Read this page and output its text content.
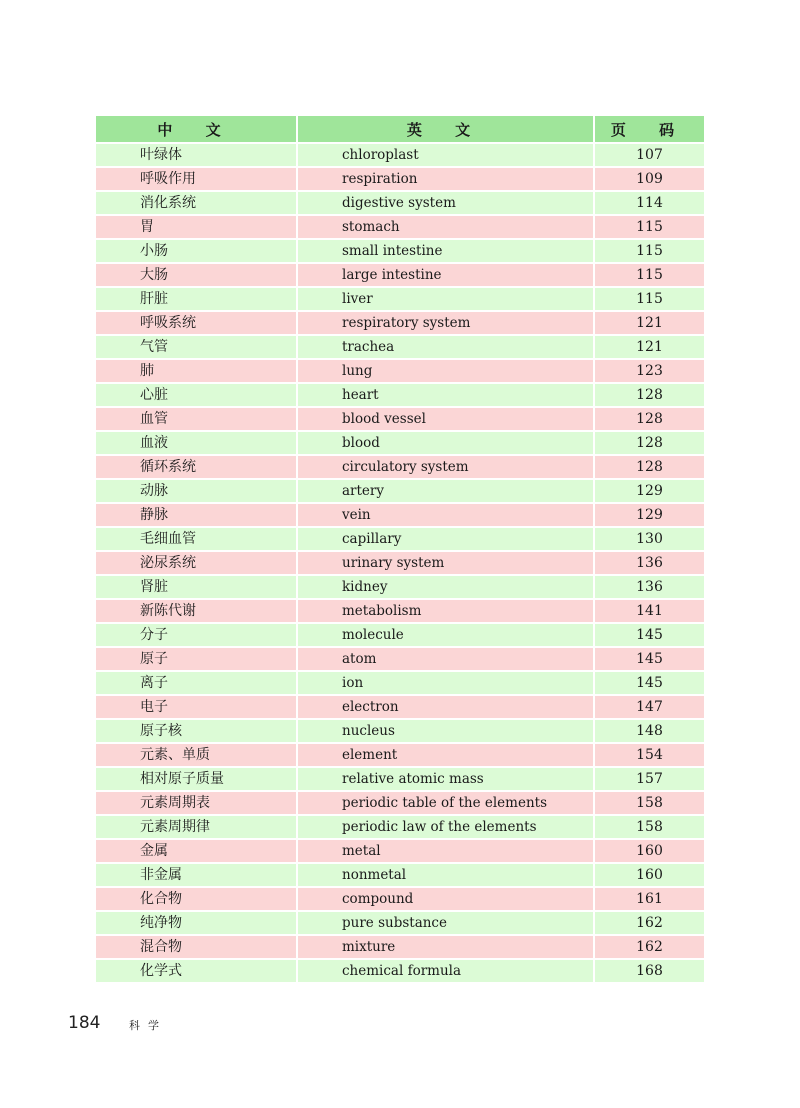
中 文	英 文	页 码
叶绿体	chloroplast	107
呼吸作用	respiration	109
消化系统	digestive system	114
胃	stomach	115
小肠	small intestine	115
大肠	large intestine	115
肝脏	liver	115
呼吸系统	respiratory system	121
气管	trachea	121
肺	lung	123
心脏	heart	128
血管	blood vessel	128
血液	blood	128
循环系统	circulatory system	128
动脉	artery	129
静脉	vein	129
毛细血管	capillary	130
泌尿系统	urinary system	136
肾脏	kidney	136
新陈代谢	metabolism	141
分子	molecule	145
原子	atom	145
离子	ion	145
电子	electron	147
原子核	nucleus	148
元素、单质	element	154
相对原子质量	relative atomic mass	157
元素周期表	periodic table of the elements	158
元素周期律	periodic law of the elements	158
金属	metal	160
非金属	nonmetal	160
化合物	compound	161
纯净物	pure substance	162
混合物	mixture	162
化学式	chemical formula	168
184	科学
